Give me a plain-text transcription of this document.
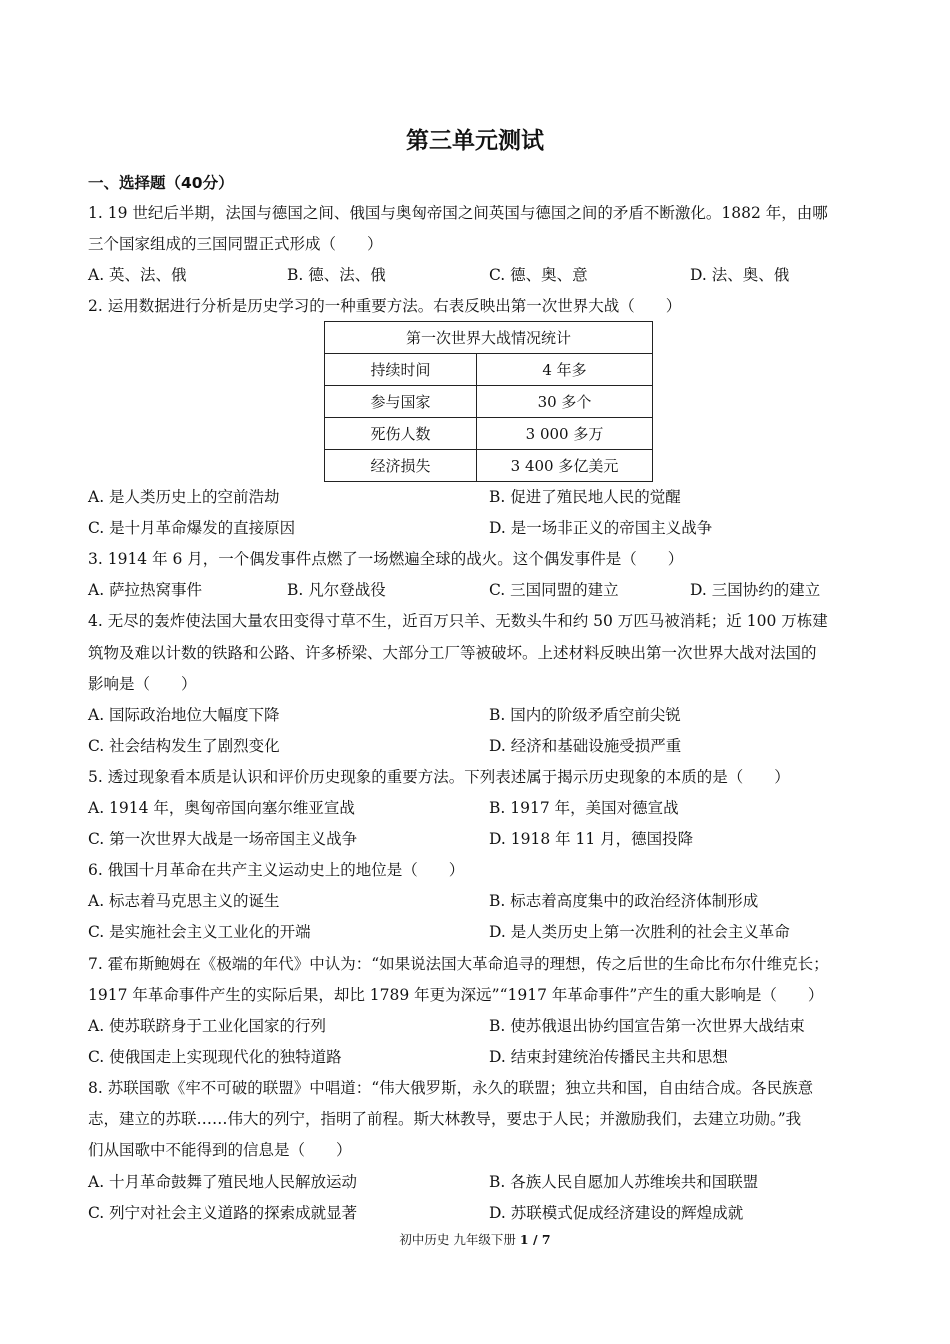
第三单元测试
一、选择题（40分）
1. 19 世纪后半期，法国与德国之间、俄国与奥匈帝国之间英国与德国之间的矛盾不断激化。1882 年，由哪
三个国家组成的三国同盟正式形成（　　）
A. 英、法、俄	B. 德、法、俄	C. 德、奥、意	D. 法、奥、俄
2. 运用数据进行分析是历史学习的一种重要方法。右表反映出第一次世界大战（　　）
第一次世界大战情况统计	
持续时间	4 年多
参与国家	30 多个
死伤人数	3 000 多万
经济损失	3 400 多亿美元
A. 是人类历史上的空前浩劫	B. 促进了殖民地人民的觉醒
C. 是十月革命爆发的直接原因	D. 是一场非正义的帝国主义战争
3. 1914 年 6 月，一个偶发事件点燃了一场燃遍全球的战火。这个偶发事件是（　　）
A. 萨拉热窝事件	B. 凡尔登战役	C. 三国同盟的建立	D. 三国协约的建立
4. 无尽的轰炸使法国大量农田变得寸草不生，近百万只羊、无数头牛和约 50 万匹马被消耗；近 100 万栋建
筑物及难以计数的铁路和公路、许多桥梁、大部分工厂等被破坏。上述材料反映出第一次世界大战对法国的
影响是（　　）
A. 国际政治地位大幅度下降	B. 国内的阶级矛盾空前尖锐
C. 社会结构发生了剧烈变化	D. 经济和基础设施受损严重
5. 透过现象看本质是认识和评价历史现象的重要方法。下列表述属于揭示历史现象的本质的是（　　）
A. 1914 年，奥匈帝国向塞尔维亚宣战	B. 1917 年，美国对德宣战
C. 第一次世界大战是一场帝国主义战争	D. 1918 年 11 月，德国投降
6. 俄国十月革命在共产主义运动史上的地位是（　　）
A. 标志着马克思主义的诞生	B. 标志着高度集中的政治经济体制形成
C. 是实施社会主义工业化的开端	D. 是人类历史上第一次胜利的社会主义革命
7. 霍布斯鲍姆在《极端的年代》中认为：“如果说法国大革命追寻的理想，传之后世的生命比布尔什维克长；
1917 年革命事件产生的实际后果，却比 1789 年更为深远”“1917 年革命事件”产生的重大影响是（　　）
A. 使苏联跻身于工业化国家的行列	B. 使苏俄退出协约国宣告第一次世界大战结束
C. 使俄国走上实现现代化的独特道路	D. 结束封建统治传播民主共和思想
8. 苏联国歌《牢不可破的联盟》中唱道：“伟大俄罗斯，永久的联盟；独立共和国，自由结合成。各民族意
志，建立的苏联……伟大的列宁，指明了前程。斯大林教导，要忠于人民；并激励我们，去建立功勋。”我
们从国歌中不能得到的信息是（　　）
A. 十月革命鼓舞了殖民地人民解放运动	B. 各族人民自愿加人苏维埃共和国联盟
C. 列宁对社会主义道路的探索成就显著	D. 苏联模式促成经济建设的辉煌成就
初中历史 九年级下册 1 / 7
